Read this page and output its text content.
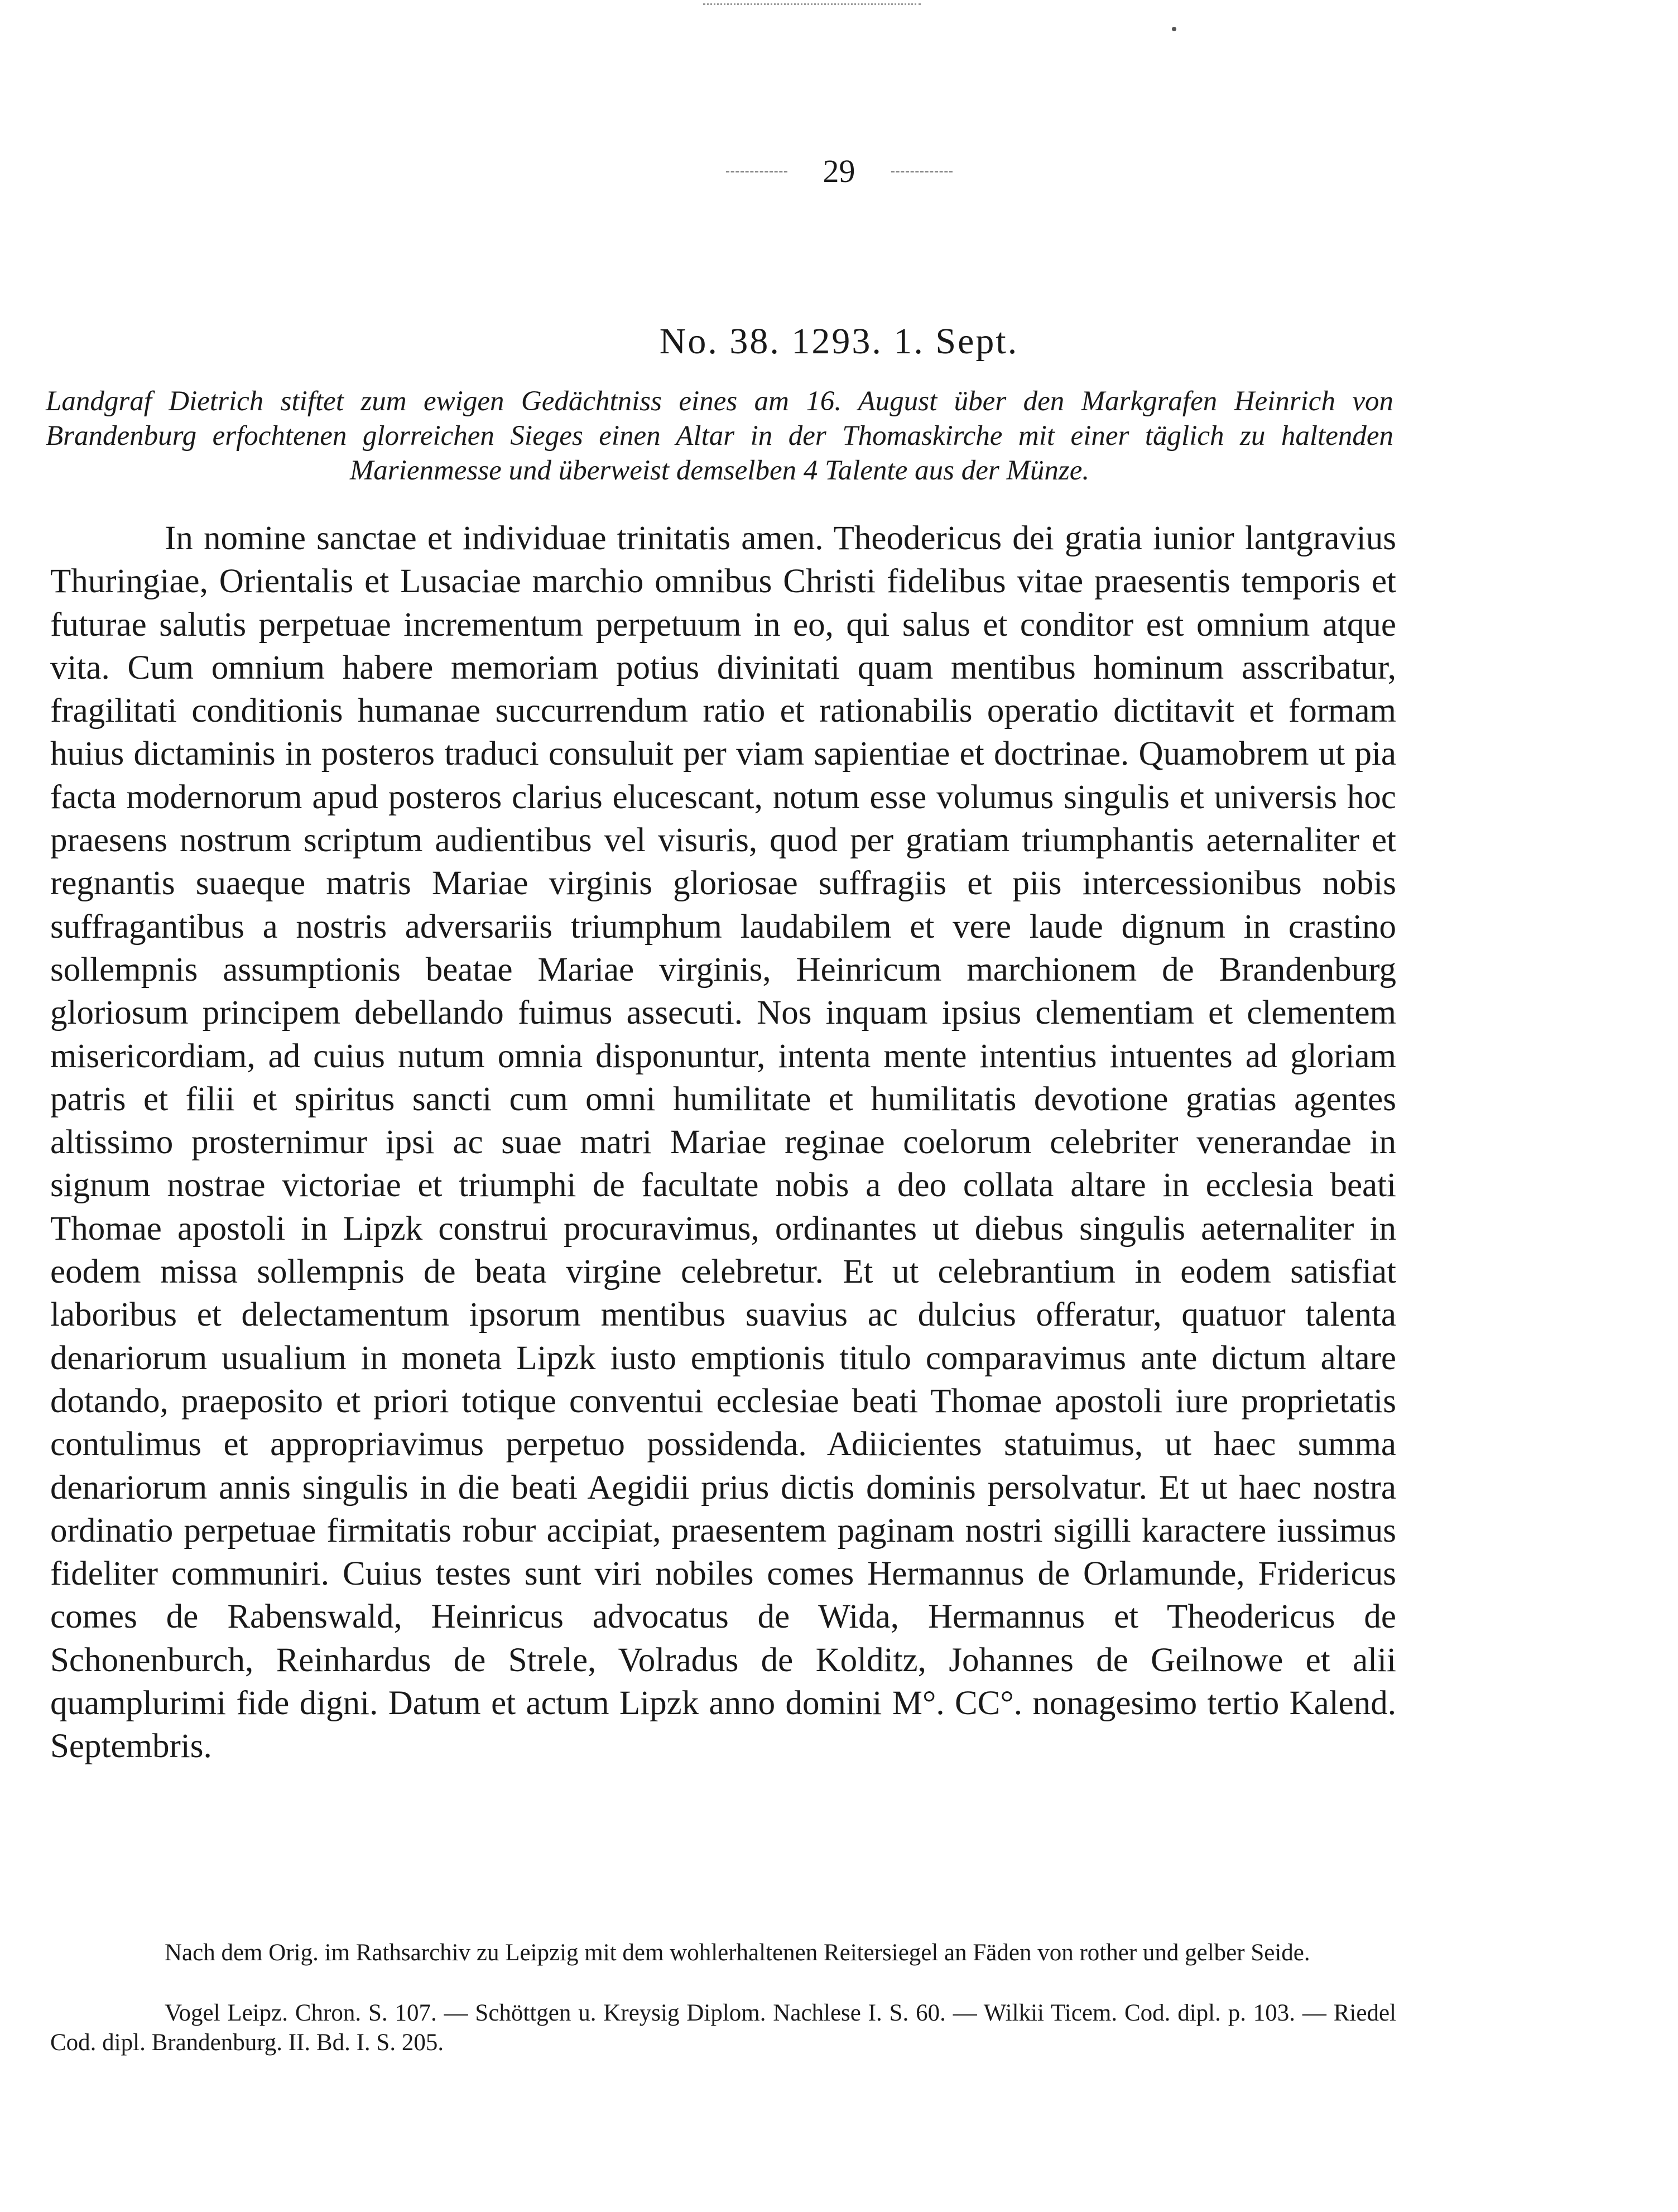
29
No. 38. 1293. 1. Sept.
Landgraf Dietrich stiftet zum ewigen Gedächtniss eines am 16. August über den Markgrafen Heinrich von Brandenburg erfochtenen glorreichen Sieges einen Altar in der Thomaskirche mit einer täglich zu haltenden Marienmesse und überweist demselben 4 Talente aus der Münze.

In nomine sanctae et individuae trinitatis amen. Theodericus dei gratia iunior lantgravius Thuringiae, Orientalis et Lusaciae marchio omnibus Christi fidelibus vitae praesentis temporis et futurae salutis perpetuae incrementum perpetuum in eo, qui salus et conditor est omnium atque vita. Cum omnium habere memoriam potius divinitati quam mentibus hominum asscribatur, fragilitati conditionis humanae succurrendum ratio et rationabilis operatio dictitavit et formam huius dictaminis in posteros traduci consuluit per viam sapientiae et doctrinae. Quamobrem ut pia facta modernorum apud posteros clarius elucescant, notum esse volumus singulis et universis hoc praesens nostrum scriptum audientibus vel visuris, quod per gratiam triumphantis aeternaliter et regnantis suaeque matris Mariae virginis gloriosae suffragiis et piis intercessionibus nobis suffragantibus a nostris adversariis triumphum laudabilem et vere laude dignum in crastino sollempnis assumptionis beatae Mariae virginis, Heinricum marchionem de Brandenburg gloriosum principem debellando fuimus assecuti. Nos inquam ipsius clementiam et clementem misericordiam, ad cuius nutum omnia disponuntur, intenta mente intentius intuentes ad gloriam patris et filii et spiritus sancti cum omni humilitate et humilitatis devotione gratias agentes altissimo prosternimur ipsi ac suae matri Mariae reginae coelorum celebriter venerandae in signum nostrae victoriae et triumphi de facultate nobis a deo collata altare in ecclesia beati Thomae apostoli in Lipzk construi procuravimus, ordinantes ut diebus singulis aeternaliter in eodem missa sollempnis de beata virgine celebretur. Et ut celebrantium in eodem satisfiat laboribus et delectamentum ipsorum mentibus suavius ac dulcius offeratur, quatuor talenta denariorum usualium in moneta Lipzk iusto emptionis titulo comparavimus ante dictum altare dotando, praeposito et priori totique conventui ecclesiae beati Thomae apostoli iure proprietatis contulimus et appropriavimus perpetuo possidenda. Adiicientes statuimus, ut haec summa denariorum annis singulis in die beati Aegidii prius dictis dominis persolvatur. Et ut haec nostra ordinatio perpetuae firmitatis robur accipiat, praesentem paginam nostri sigilli karactere iussimus fideliter communiri. Cuius testes sunt viri nobiles comes Hermannus de Orlamunde, Fridericus comes de Rabenswald, Heinricus advocatus de Wida, Hermannus et Theodericus de Schonenburch, Reinhardus de Strele, Volradus de Kolditz, Johannes de Geilnowe et alii quamplurimi fide digni. Datum et actum Lipzk anno domini M°. CC°. nonagesimo tertio Kalend. Septembris.

Nach dem Orig. im Rathsarchiv zu Leipzig mit dem wohlerhaltenen Reitersiegel an Fäden von rother und gelber Seide.

Vogel Leipz. Chron. S. 107. — Schöttgen u. Kreysig Diplom. Nachlese I. S. 60. — Wilkii Ticem. Cod. dipl. p. 103. — Riedel Cod. dipl. Brandenburg. II. Bd. I. S. 205.
